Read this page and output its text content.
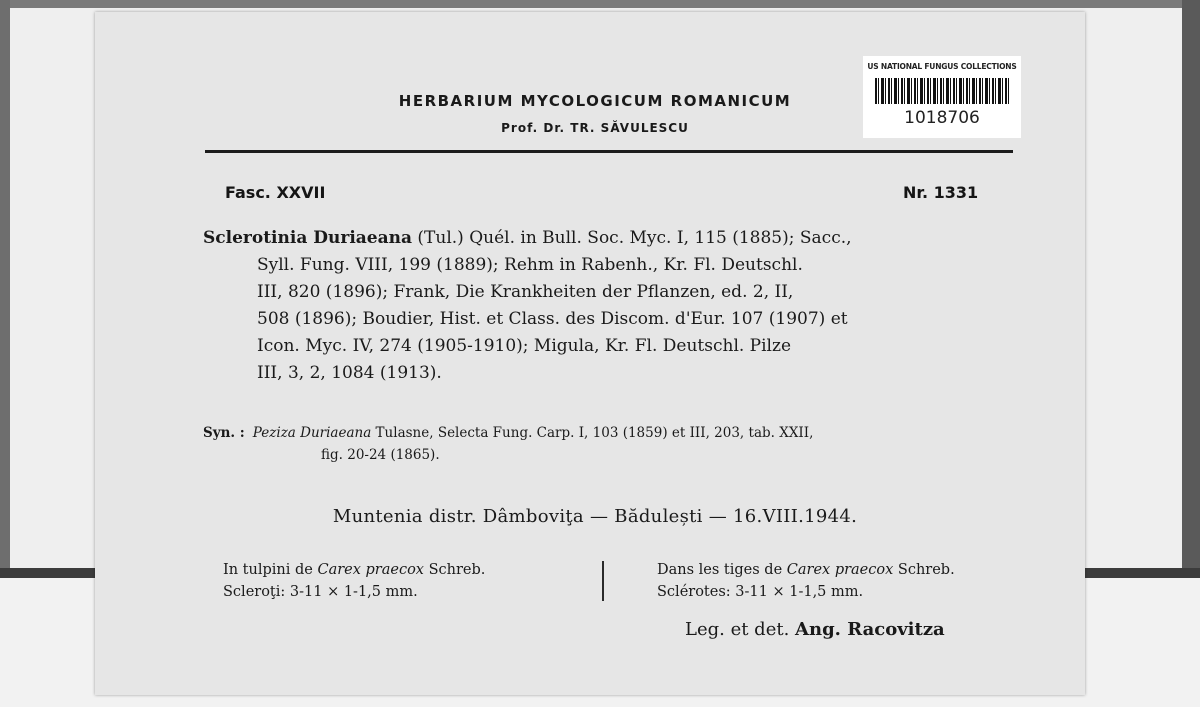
HERBARIUM MYCOLOGICUM ROMANICUM
Prof. Dr. TR. SĂVULESCU
US NATIONAL FUNGUS COLLECTIONS
1018706
Fasc. XXVII	Nr. 1331
Sclerotinia Duriaeana (Tul.) Quél. in Bull. Soc. Myc. I, 115 (1885); Sacc.,
Syll. Fung. VIII, 199 (1889); Rehm in Rabenh., Kr. Fl. Deutschl.
III, 820 (1896); Frank, Die Krankheiten der Pflanzen, ed. 2, II,
508 (1896); Boudier, Hist. et Class. des Discom. d'Eur. 107 (1907) et
Icon. Myc. IV, 274 (1905-1910); Migula, Kr. Fl. Deutschl. Pilze
III, 3, 2, 1084 (1913).
Syn. : Peziza Duriaeana Tulasne, Selecta Fung. Carp. I, 103 (1859) et III, 203, tab. XXII,
fig. 20-24 (1865).
Muntenia distr. Dâmboviţa — Bădulești — 16.VIII.1944.
In tulpini de Carex praecox Schreb.
Scleroţi: 3-11 × 1-1,5 mm.
Dans les tiges de Carex praecox Schreb.
Sclérotes: 3-11 × 1-1,5 mm.
Leg. et det. Ang. Racovitza
